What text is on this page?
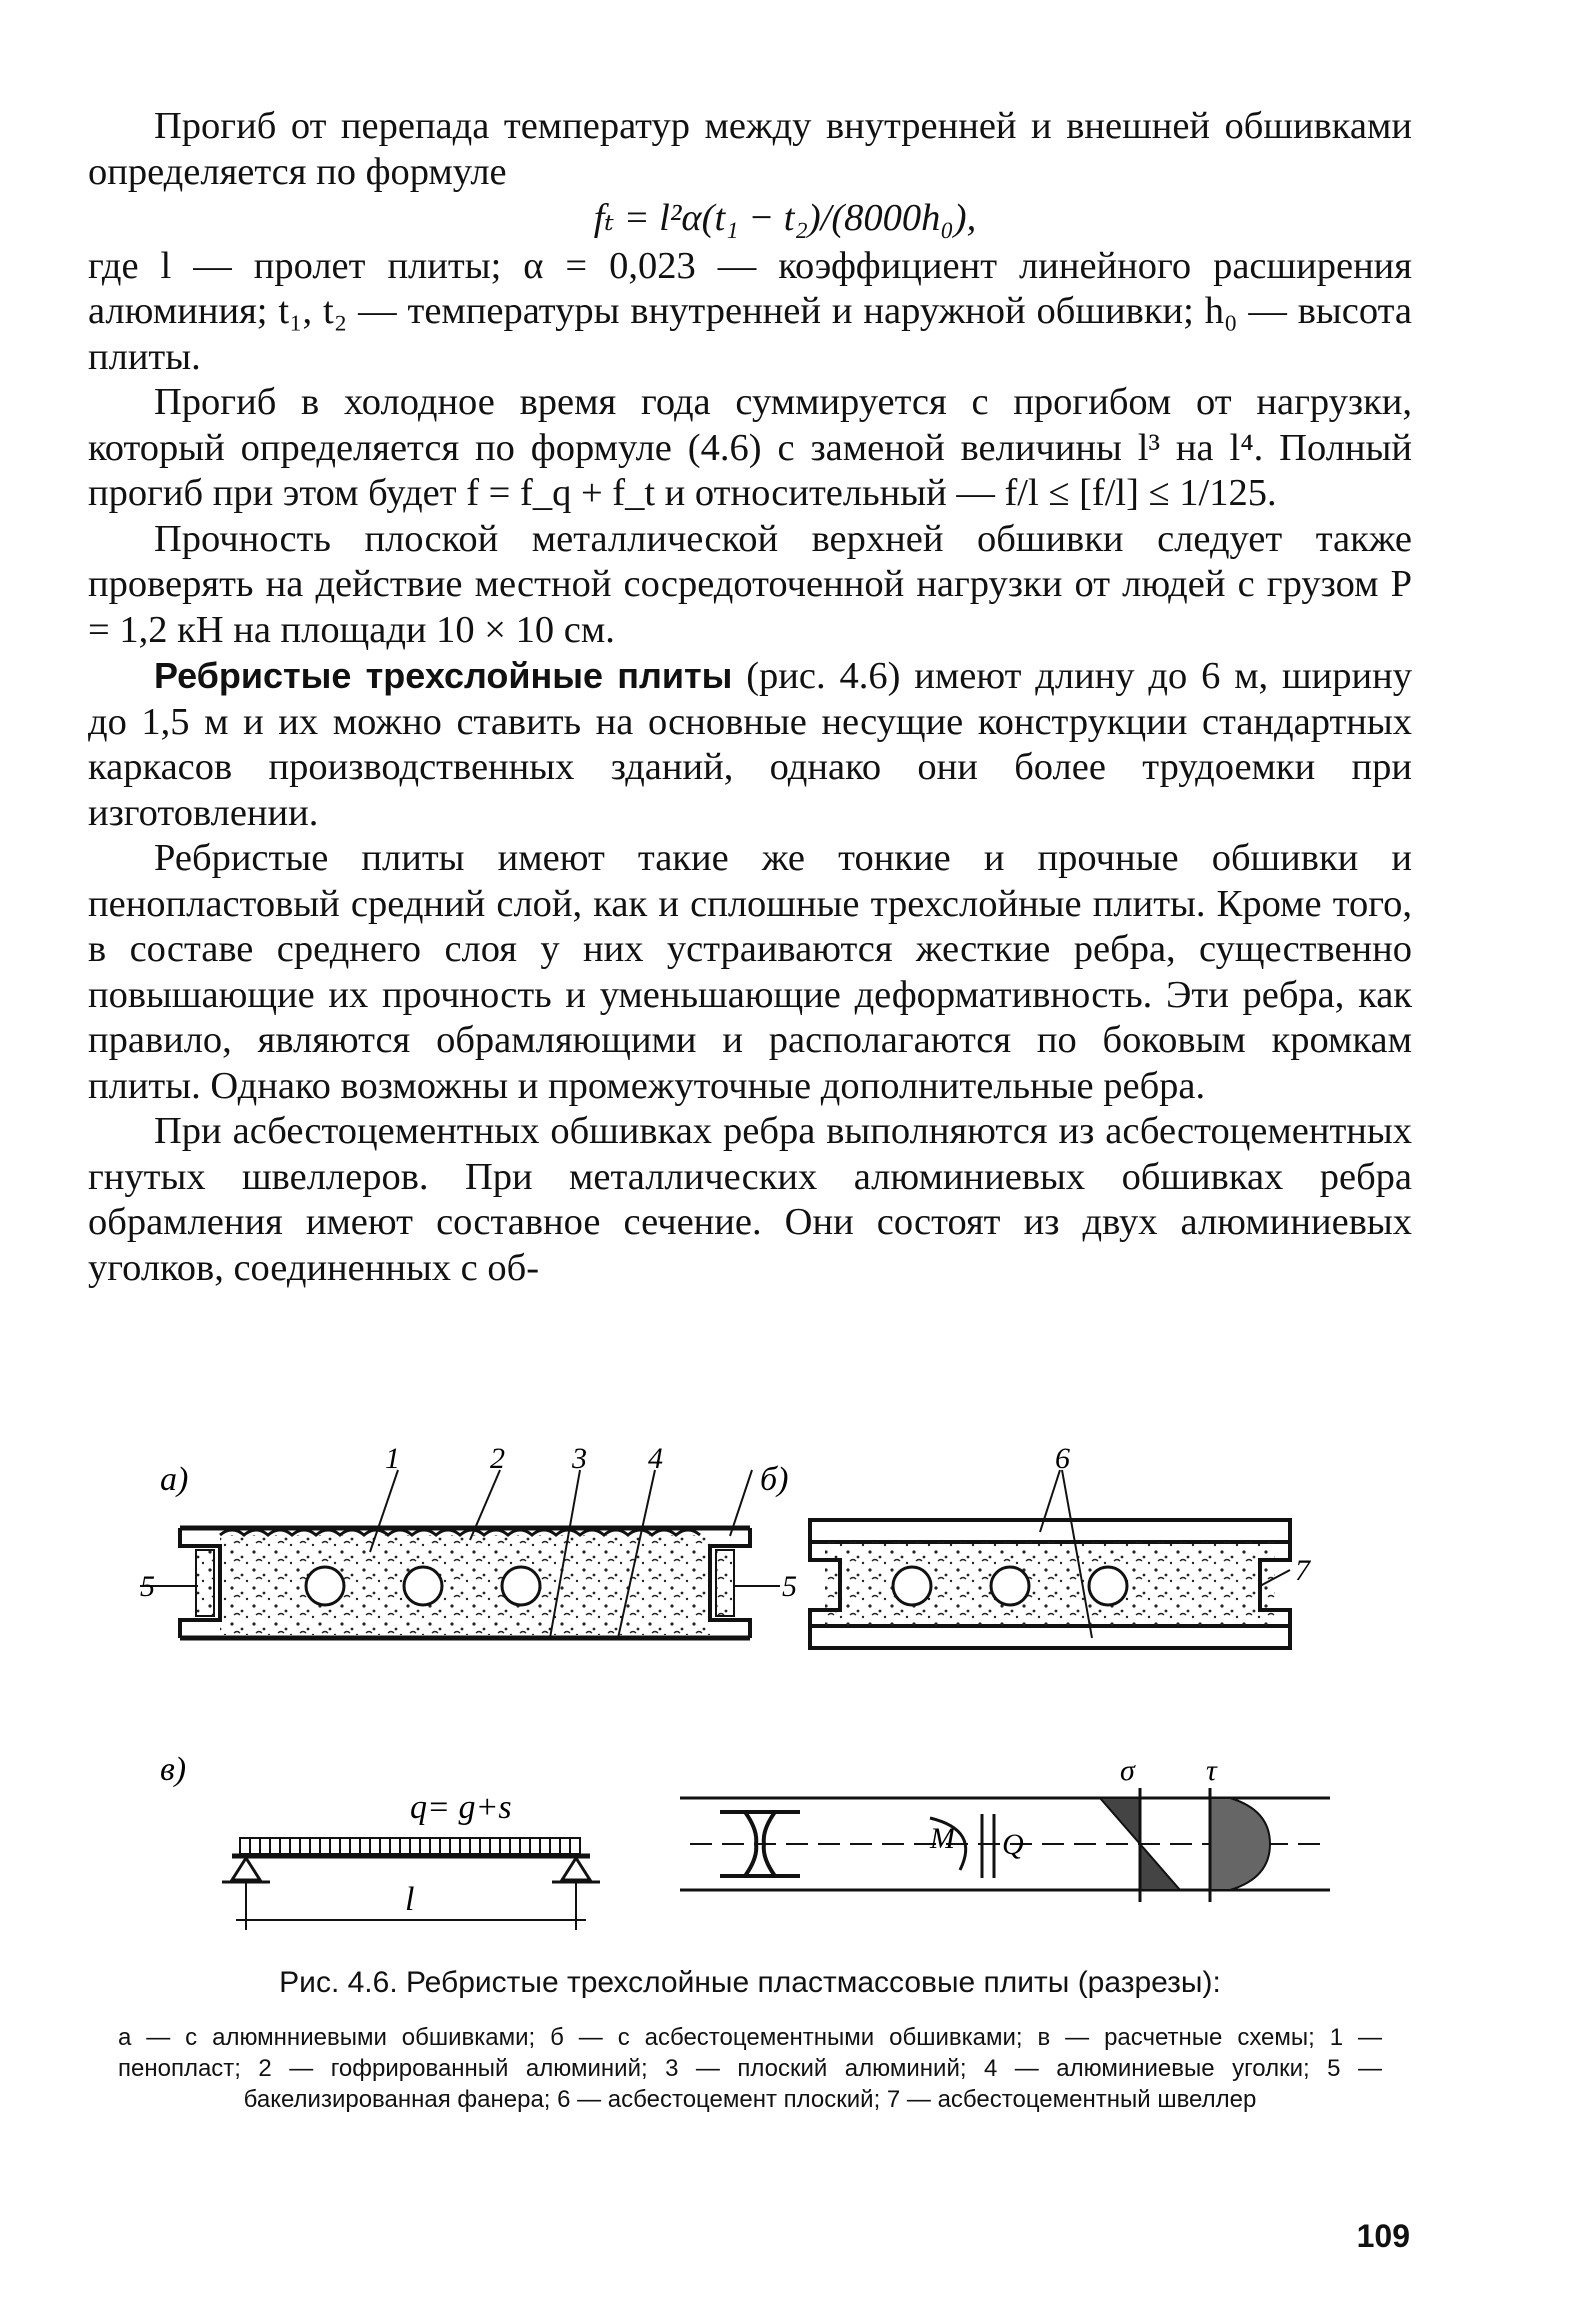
Прогиб от перепада температур между внутренней и внешней обшивками определяется по формуле

fₜ = l²α(t₁ − t₂)/(8000h₀),

где l — пролет плиты; α = 0,023 — коэффициент линейного расширения алюминия; t₁, t₂ — температуры внутренней и наружной обшивки; h₀ — высота плиты.

Прогиб в холодное время года суммируется с прогибом от нагрузки, который определяется по формуле (4.6) с заменой величины l³ на l⁴. Полный прогиб при этом будет f = f_q + f_t и относительный — f/l ≤ [f/l] ≤ 1/125.

Прочность плоской металлической верхней обшивки следует также проверять на действие местной сосредоточенной нагрузки от людей с грузом P = 1,2 кН на площади 10 × 10 см.

Ребристые трехслойные плиты (рис. 4.6) имеют длину до 6 м, ширину до 1,5 м и их можно ставить на основные несущие конструкции стандартных каркасов производственных зданий, однако они более трудоемки при изготовлении.

Ребристые плиты имеют такие же тонкие и прочные обшивки и пенопластовый средний слой, как и сплошные трехслойные плиты. Кроме того, в составе среднего слоя у них устраиваются жесткие ребра, существенно повышающие их прочность и уменьшающие деформативность. Эти ребра, как правило, являются обрамляющими и располагаются по боковым кромкам плиты. Однако возможны и промежуточные дополнительные ребра.

При асбестоцементных обшивках ребра выполняются из асбестоцементных гнутых швеллеров. При металлических алюминиевых обшивках ребра обрамления имеют составное сечение. Они состоят из двух алюминиевых уголков, соединенных с об-

а)
1	2 3 4
5	5
б)
6
7
в)
q= g+s
l
M Q
σ τ
Рис. 4.6. Ребристые трехслойные пластмассовые плиты (разрезы):
а — с алюмнниевыми обшивками; б — с асбестоцементными обшивками; в — расчетные схемы; 1 — пенопласт; 2 — гофрированный алюминий; 3 — плоский алюминий; 4 — алюминиевые уголки; 5 — бакелизированная фанера; 6 — асбестоцемент плоский; 7 — асбестоцементный швеллер
109
